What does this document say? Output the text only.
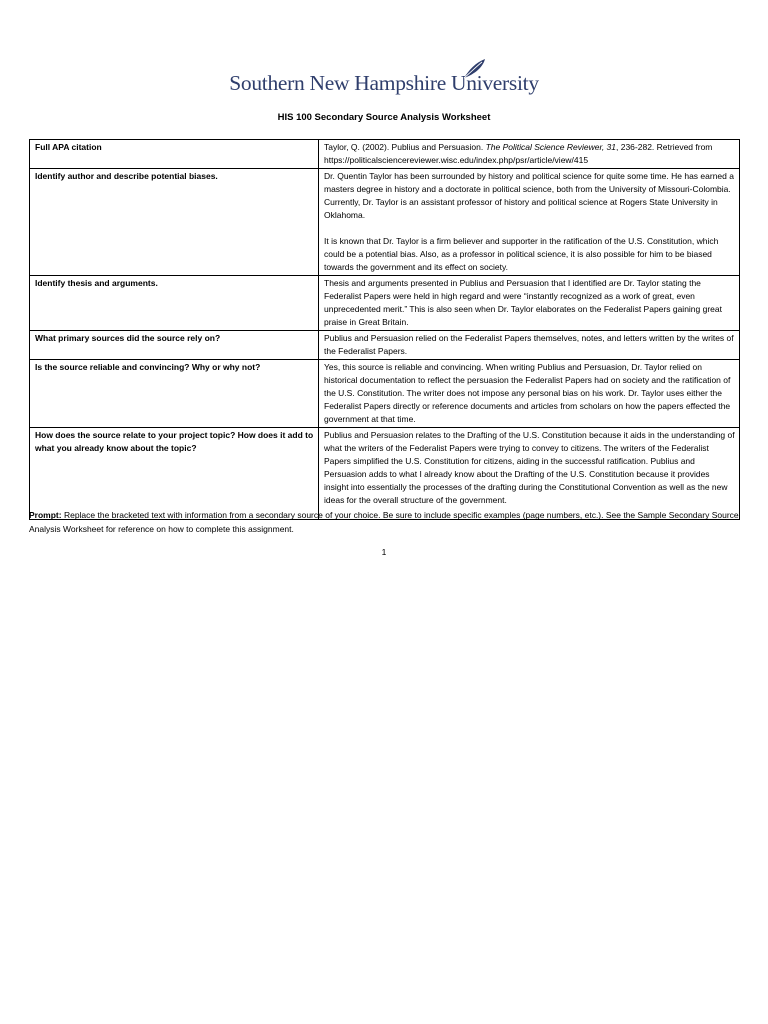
Southern New Hampshire University
HIS 100 Secondary Source Analysis Worksheet
Full APA citation	Taylor, Q. (2002). Publius and Persuasion. The Political Science Reviewer, 31, 236-282. Retrieved from https://politicalsciencereviewer.wisc.edu/index.php/psr/article/view/415
Identify author and describe potential biases.	Dr. Quentin Taylor has been surrounded by history and political science for quite some time. He has earned a masters degree in history and a doctorate in political science, both from the University of Missouri-Colombia. Currently, Dr. Taylor is an assistant professor of history and political science at Rogers State University in Oklahoma.
It is known that Dr. Taylor is a firm believer and supporter in the ratification of the U.S. Constitution, which could be a potential bias. Also, as a professor in political science, it is also possible for him to be biased towards the government and its effect on society.

Identify thesis and arguments.	Thesis and arguments presented in Publius and Persuasion that I identified are Dr. Taylor stating the Federalist Papers were held in high regard and were “instantly recognized as a work of great, even unprecedented merit.” This is also seen when Dr. Taylor elaborates on the Federalist Papers gaining great praise in Great Britain.
What primary sources did the source rely on?	Publius and Persuasion relied on the Federalist Papers themselves, notes, and letters written by the writes of the Federalist Papers.
Is the source reliable and convincing? Why or why not?	Yes, this source is reliable and convincing. When writing Publius and Persuasion, Dr. Taylor relied on historical documentation to reflect the persuasion the Federalist Papers had on society and the ratification of the U.S. Constitution. The writer does not impose any personal bias on his work. Dr. Taylor uses either the Federalist Papers directly or reference documents and articles from scholars on how the papers effected the government at that time.
How does the source relate to your project topic? How does it add to what you already know about the topic?	Publius and Persuasion relates to the Drafting of the U.S. Constitution because it aids in the understanding of what the writers of the Federalist Papers were trying to convey to citizens. The writers of the Federalist Papers simplified the U.S. Constitution for citizens, aiding in the successful ratification. Publius and Persuasion adds to what I already know about the Drafting of the U.S. Constitution because it provides insight into essentially the processes of the drafting during the Constitutional Convention as well as the new ideas for the overall structure of the government.
Prompt: Replace the bracketed text with information from a secondary source of your choice. Be sure to include specific examples (page numbers, etc.). See the Sample Secondary Source Analysis Worksheet for reference on how to complete this assignment.
1
